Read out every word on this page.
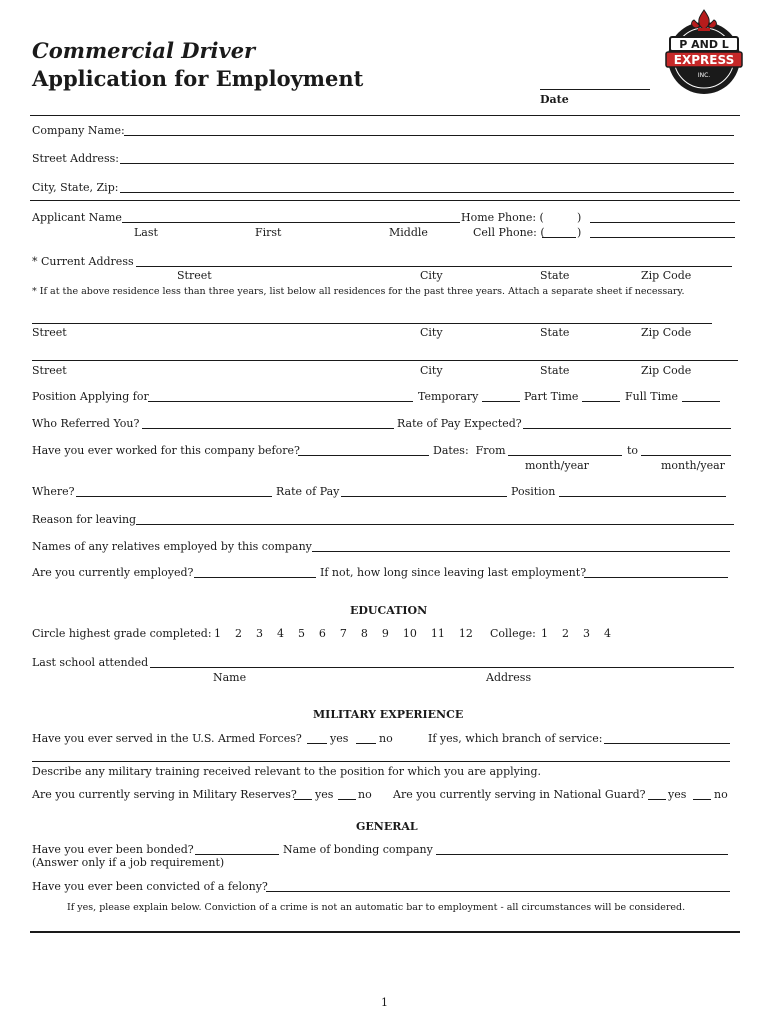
Commercial Driver
Application for Employment
Date
P AND L
EXPRESS
INC.
Company Name:
Street Address:
City, State, Zip:
Applicant Name	Home Phone: (	)
Last	First	Middle	Cell Phone: (	)
* Current Address
Street	City	State	Zip Code
* If at the above residence less than three years, list below all residences for the past three years. Attach a separate sheet if necessary.
Street	City	State	Zip Code
Street	City	State	Zip Code
Position Applying for	Temporary	Part Time	Full Time
Who Referred You?	Rate of Pay Expected?
Have you ever worked for this company before?	Dates:  From	to
month/year	month/year
Where?	Rate of Pay	Position
Reason for leaving
Names of any relatives employed by this company
Are you currently employed?	If not, how long since leaving last employment?
EDUCATION
Circle highest grade completed: 1    2    3    4    5    6    7    8    9    10    11    12 College: 1    2    3    4
Last school attended
Name	Address
MILITARY EXPERIENCE
Have you ever served in the U.S. Armed Forces?	yes	no	If yes, which branch of service:
Describe any military training received relevant to the position for which you are applying.
Are you currently serving in Military Reserves? yes no Are you currently serving in National Guard? yes	no
GENERAL
Have you ever been bonded?	Name of bonding company
(Answer only if a job requirement)
Have you ever been convicted of a felony?
If yes, please explain below. Conviction of a crime is not an automatic bar to employment - all circumstances will be considered.
1
